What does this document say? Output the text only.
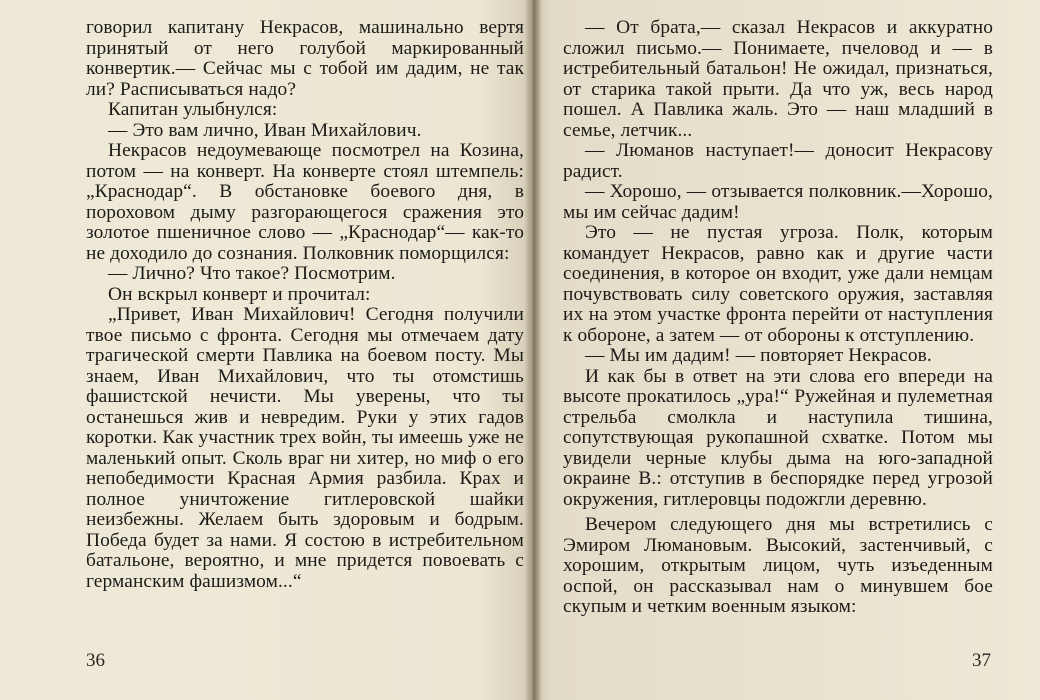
говорил капитану Некрасов, машинально вертя принятый от него голубой маркированный конвертик.— Сейчас мы с тобой им дадим, не так ли? Расписываться надо?

Капитан улыбнулся:

— Это вам лично, Иван Михайлович.

Некрасов недоумевающе посмотрел на Козина, потом — на конверт. На конверте стоял штемпель: „Краснодар“. В обстановке боевого дня, в пороховом дыму разгорающегося сражения это золотое пшеничное слово — „Краснодар“— как-то не доходило до сознания. Полковник поморщился:

— Лично? Что такое? Посмотрим.

Он вскрыл конверт и прочитал:

„Привет, Иван Михайлович! Сегодня получили твое письмо с фронта. Сегодня мы отмечаем дату трагической смерти Павлика на боевом посту. Мы знаем, Иван Михайлович, что ты отомстишь фашистской нечисти. Мы уверены, что ты останешься жив и невредим. Руки у этих гадов коротки. Как участник трех войн, ты имеешь уже не маленький опыт. Сколь враг ни хитер, но миф о его непобедимости Красная Армия разбила. Крах и полное уничтожение гитлеровской шайки неизбежны. Желаем быть здоровым и бодрым. Победа будет за нами. Я состою в истребительном батальоне, вероятно, и мне придется повоевать с германским фашизмом...“

36

— От брата,— сказал Некрасов и аккуратно сложил письмо.— Понимаете, пчеловод и — в истребительный батальон! Не ожидал, признаться, от старика такой прыти. Да что уж, весь народ пошел. А Павлика жаль. Это — наш младший в семье, летчик...

— Люманов наступает!— доносит Некрасову радист.

— Хорошо, — отзывается полковник.—Хорошо, мы им сейчас дадим!

Это — не пустая угроза. Полк, которым командует Некрасов, равно как и другие части соединения, в которое он входит, уже дали немцам почувствовать силу советского оружия, заставляя их на этом участке фронта перейти от наступления к обороне, а затем — от обороны к отступлению.

— Мы им дадим! — повторяет Некрасов.

И как бы в ответ на эти слова его впереди на высоте прокатилось „ура!“ Ружейная и пулеметная стрельба смолкла и наступила тишина, сопутствующая рукопашной схватке. Потом мы увидели черные клубы дыма на юго-западной окраине В.: отступив в беспорядке перед угрозой окружения, гитлеровцы подожгли деревню.

Вечером следующего дня мы встретились с Эмиром Люмановым. Высокий, застенчивый, с хорошим, открытым лицом, чуть изъеденным оспой, он рассказывал нам о минувшем бое скупым и четким военным языком:

37
